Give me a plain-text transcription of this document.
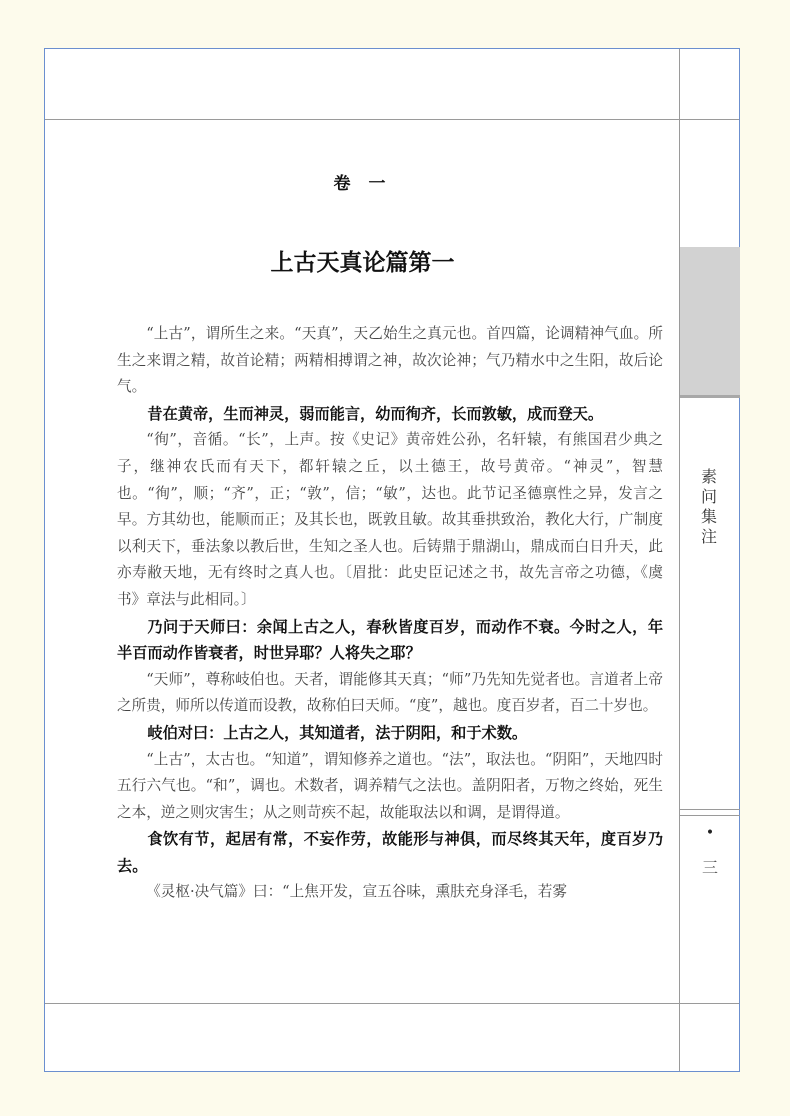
素
问
集
注
•
三
卷 一
上古天真论篇第一

“上古”，谓所生之来。“天真”，天乙始生之真元也。首四篇，论调精神气血。所生之来谓之精，故首论精；两精相搏谓之神，故次论神；气乃精水中之生阳，故后论气。

昔在黄帝，生而神灵，弱而能言，幼而徇齐，长而敦敏，成而登天。

“徇”，音循。“长”，上声。按《史记》黄帝姓公孙，名轩辕，有熊国君少典之子，继神农氏而有天下，都轩辕之丘，以土德王，故号黄帝。“神灵”，智慧也。“徇”，顺；“齐”，正；“敦”，信；“敏”，达也。此节记圣德禀性之异，发言之早。方其幼也，能顺而正；及其长也，既敦且敏。故其垂拱致治，教化大行，广制度以利天下，垂法象以教后世，生知之圣人也。后铸鼎于鼎湖山，鼎成而白日升天，此亦寿敝天地，无有终时之真人也。〔眉批：此史臣记述之书，故先言帝之功德，《虞书》章法与此相同。〕

乃问于天师曰：余闻上古之人，春秋皆度百岁，而动作不衰。今时之人，年半百而动作皆衰者，时世异耶？人将失之耶？

“天师”，尊称岐伯也。天者，谓能修其天真；“师”乃先知先觉者也。言道者上帝之所贵，师所以传道而设教，故称伯曰天师。“度”，越也。度百岁者，百二十岁也。

岐伯对曰：上古之人，其知道者，法于阴阳，和于术数。

“上古”，太古也。“知道”，谓知修养之道也。“法”，取法也。“阴阳”，天地四时五行六气也。“和”，调也。术数者，调养精气之法也。盖阴阳者，万物之终始，死生之本，逆之则灾害生；从之则苛疾不起，故能取法以和调，是谓得道。

食饮有节，起居有常，不妄作劳，故能形与神俱，而尽终其天年，度百岁乃去。

《灵枢·决气篇》曰：“上焦开发，宣五谷味，熏肤充身泽毛，若雾
